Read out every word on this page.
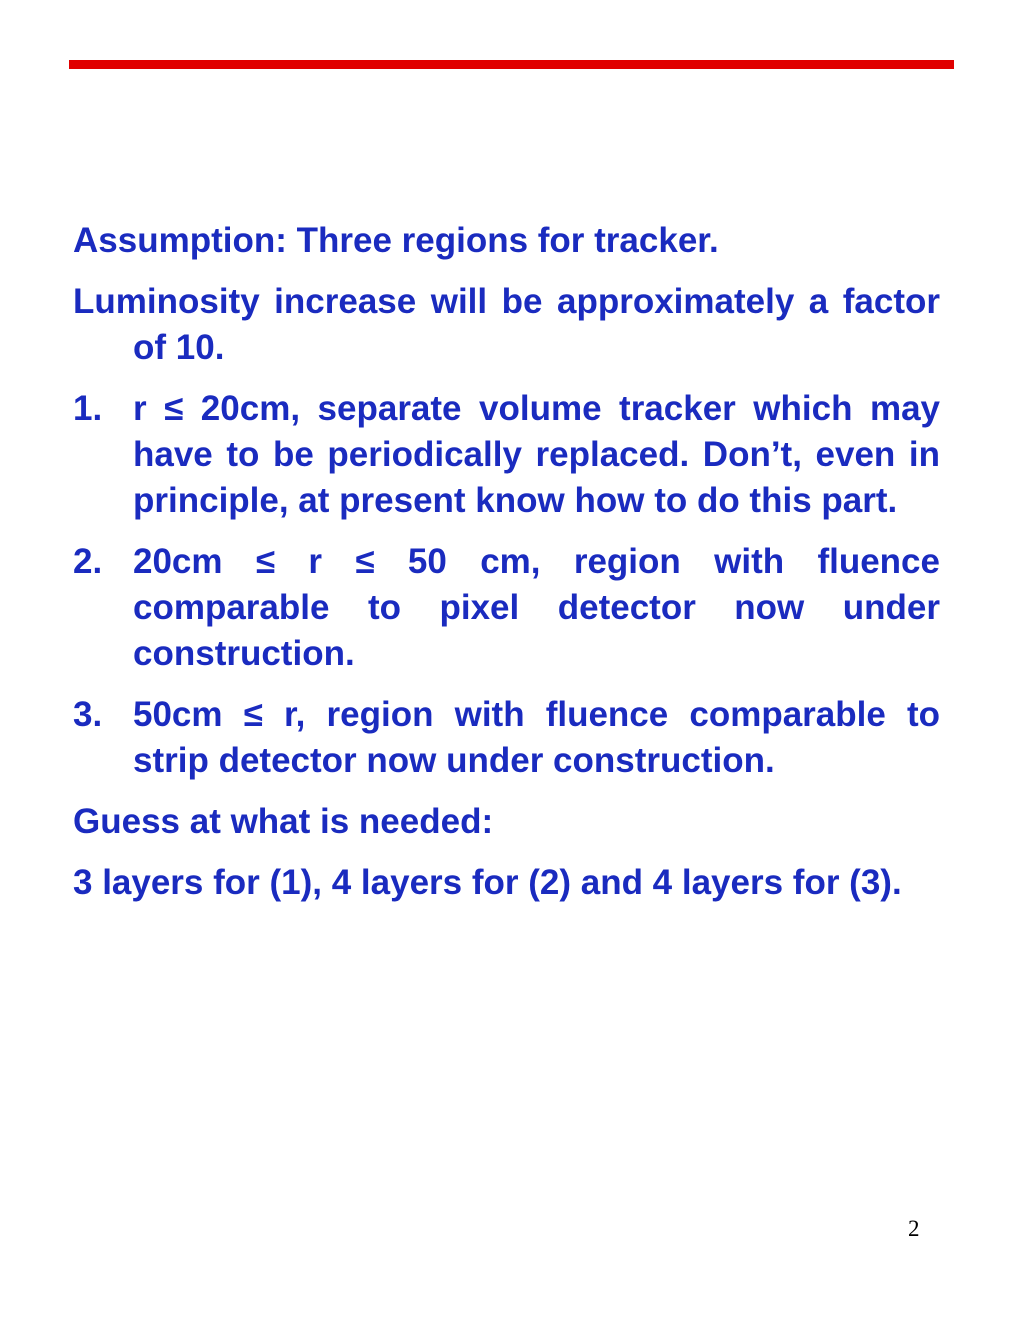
Assumption: Three regions for tracker.

Luminosity increase will be approximately a factor of 10.

1. r ≤ 20cm, separate volume tracker which may have to be periodically replaced. Don’t, even in principle, at present know how to do this part.
2. 20cm ≤ r ≤ 50 cm, region with fluence comparable to pixel detector now under construction.
3. 50cm ≤ r, region with fluence comparable to strip detector now under construction.

Guess at what is needed:

3 layers for (1), 4 layers for (2) and 4 layers for (3).

2
